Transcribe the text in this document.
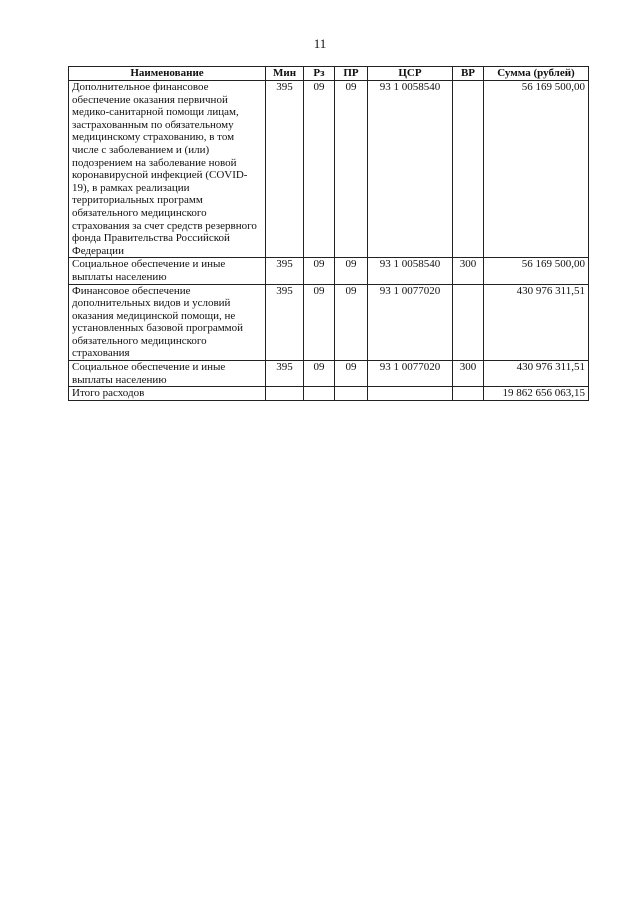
11
Наименование	Мин	Рз	ПР	ЦСР	ВР	Сумма (рублей)
Дополнительное финансовое обеспечение оказания первичной медико-санитарной помощи лицам, застрахованным по обязательному медицинскому страхованию, в том числе с заболеванием и (или) подозрением на заболевание новой коронавирусной инфекцией (COVID-19), в рамках реализации территориальных программ обязательного медицинского страхования за счет средств резервного фонда Правительства Российской Федерации	395	09	09	93 1 0058540		56 169 500,00
Социальное обеспечение и иные выплаты населению	395	09	09	93 1 0058540	300	56 169 500,00
Финансовое обеспечение дополнительных видов и условий оказания медицинской помощи, не установленных базовой программой обязательного медицинского страхования	395	09	09	93 1 0077020		430 976 311,51
Социальное обеспечение и иные выплаты населению	395	09	09	93 1 0077020	300	430 976 311,51
Итого расходов						19 862 656 063,15
